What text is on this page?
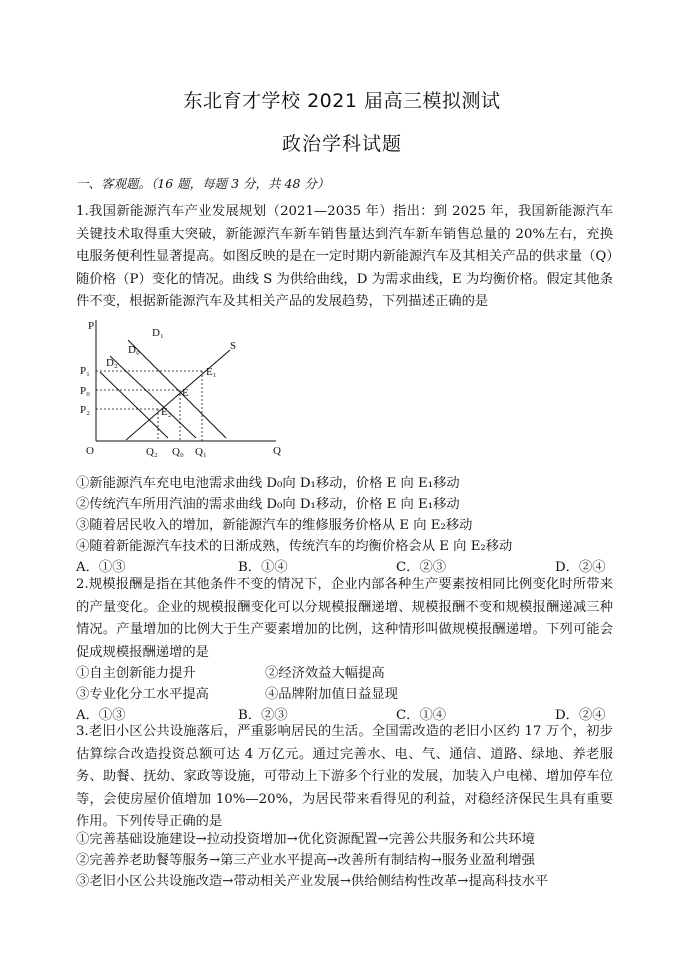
东北育才学校 2021 届高三模拟测试
政治学科试题
一、客观题。（16 题，每题 3 分，共 48 分）
1.我国新能源汽车产业发展规划（2021—2035 年）指出：到 2025 年，我国新能源汽车关键技术取得重大突破，新能源汽车新车销售量达到汽车新车销售总量的 20%左右，充换电服务便利性显著提高。如图反映的是在一定时期内新能源汽车及其相关产品的供求量（Q）随价格（P）变化的情况。曲线 S 为供给曲线，D 为需求曲线，E 为均衡价格。假定其他条件不变，根据新能源汽车及其相关产品的发展趋势，下列描述正确的是
P
Q
O
P₁
P₀
P₂
Q₂ Q₀ Q₁
D₁
D₀
D₂
S
E₁
E
E₂
①新能源汽车充电电池需求曲线 D₀向 D₁移动，价格 E 向 E₁移动
②传统汽车所用汽油的需求曲线 D₀向 D₁移动，价格 E 向 E₁移动
③随着居民收入的增加，新能源汽车的维修服务价格从 E 向 E₂移动
④随着新能源汽车技术的日渐成熟，传统汽车的均衡价格会从 E 向 E₂移动
A．①③	B．①④	C．②③	D．②④
2.规模报酬是指在其他条件不变的情况下，企业内部各种生产要素按相同比例变化时所带来的产量变化。企业的规模报酬变化可以分规模报酬递增、规模报酬不变和规模报酬递减三种情况。产量增加的比例大于生产要素增加的比例，这种情形叫做规模报酬递增。下列可能会促成规模报酬递增的是
①自主创新能力提升	②经济效益大幅提高
③专业化分工水平提高	④品牌附加值日益显现
A．①③	B．②③	C．①④	D．②④
3.老旧小区公共设施落后，严重影响居民的生活。全国需改造的老旧小区约 17 万个，初步估算综合改造投资总额可达 4 万亿元。通过完善水、电、气、通信、道路、绿地、养老服务、助餐、抚幼、家政等设施，可带动上下游多个行业的发展，加装入户电梯、增加停车位等，会使房屋价值增加 10%—20%，为居民带来看得见的利益，对稳经济保民生具有重要作用。下列传导正确的是
①完善基础设施建设→拉动投资增加→优化资源配置→完善公共服务和公共环境
②完善养老助餐等服务→第三产业水平提高→改善所有制结构→服务业盈利增强
③老旧小区公共设施改造→带动相关产业发展→供给侧结构性改革→提高科技水平
